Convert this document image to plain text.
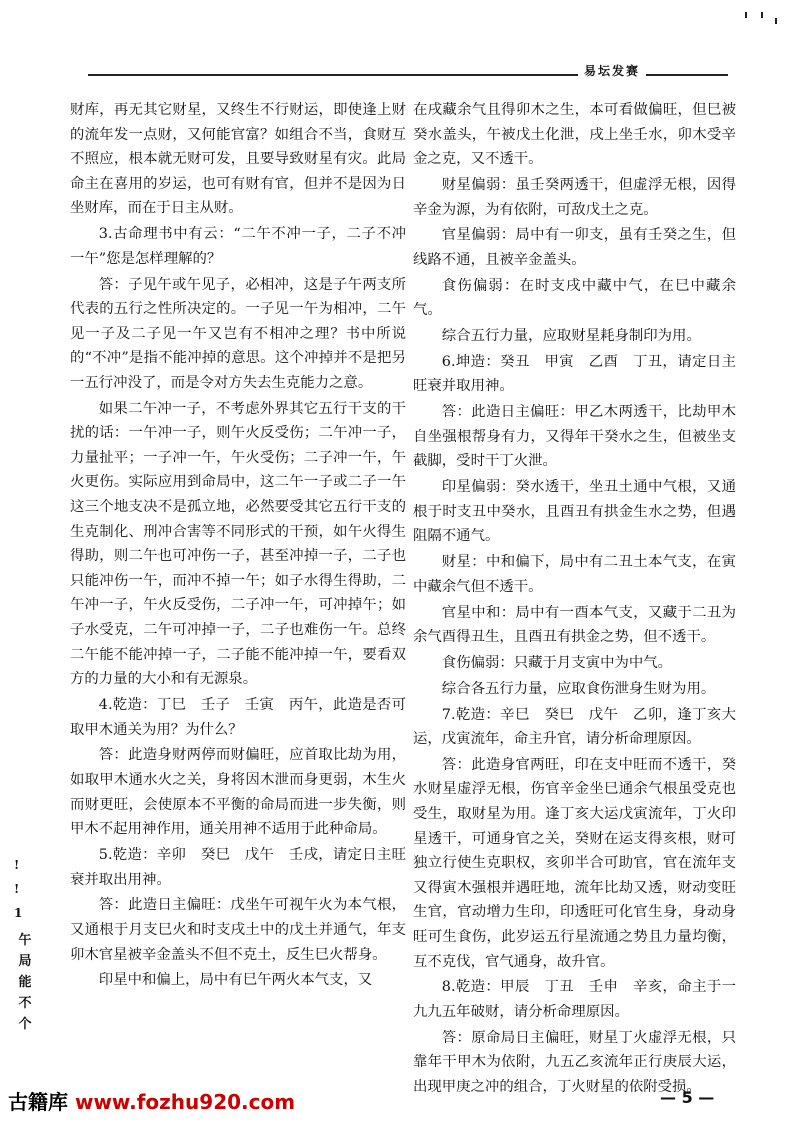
易坛发赛

财库，再无其它财星，又终生不行财运，即使逢上财的流年发一点财，又何能官富？如组合不当，食财互不照应，根本就无财可发，且要导致财星有灾。此局命主在喜用的岁运，也可有财有官，但并不是因为日坐财库，而在于日主从财。

3.古命理书中有云：“二午不冲一子，二子不冲一午”您是怎样理解的？

答：子见午或午见子，必相冲，这是子午两支所代表的五行之性所决定的。一子见一午为相冲，二午见一子及二子见一午又岂有不相冲之理？书中所说的“不冲”是指不能冲掉的意思。这个冲掉并不是把另一五行冲没了，而是令对方失去生克能力之意。

如果二午冲一子，不考虑外界其它五行干支的干扰的话：一午冲一子，则午火反受伤；二午冲一子，力量扯平；一子冲一午，午火受伤；二子冲一午，午火更伤。实际应用到命局中，这二午一子或二子一午这三个地支决不是孤立地，必然要受其它五行干支的生克制化、刑冲合害等不同形式的干预，如午火得生得助，则二午也可冲伤一子，甚至冲掉一子，二子也只能冲伤一午，而冲不掉一午；如子水得生得助，二午冲一子，午火反受伤，二子冲一午，可冲掉午；如子水受克，二午可冲掉一子，二子也难伤一午。总终二午能不能冲掉一子，二子能不能冲掉一午，要看双方的力量的大小和有无源泉。

4.乾造：丁巳　壬子　壬寅　丙午，此造是否可取甲木通关为用？为什么？

答：此造身财两停而财偏旺，应首取比劫为用，如取甲木通水火之关，身将因木泄而身更弱，木生火而财更旺，会使原本不平衡的命局而进一步失衡，则甲木不起用神作用，通关用神不适用于此种命局。

5.乾造：辛卯　癸巳　戊午　壬戌，请定日主旺衰并取出用神。

答：此造日主偏旺：戊坐午可视午火为本气根，又通根于月支巳火和时支戌土中的戊土并通气，年支卯木官星被辛金盖头不但不克土，反生巳火帮身。

印星中和偏上，局中有巳午两火本气支，又

在戌藏余气且得卯木之生，本可看做偏旺，但巳被癸水盖头，午被戊土化泄，戌上坐壬水，卯木受辛金之克，又不透干。

财星偏弱：虽壬癸两透干，但虚浮无根，因得辛金为源，为有依附，可敌戊土之克。

官星偏弱：局中有一卯支，虽有壬癸之生，但线路不通，且被辛金盖头。

食伤偏弱：在时支戌中藏中气，在巳中藏余气。

综合五行力量，应取财星耗身制印为用。

6.坤造：癸丑　甲寅　乙酉　丁丑，请定日主旺衰并取用神。

答：此造日主偏旺：甲乙木两透干，比劫甲木自坐强根帮身有力，又得年干癸水之生，但被坐支截脚，受时干丁火泄。

印星偏弱：癸水透干，坐丑土通中气根，又通根于时支丑中癸水，且酉丑有拱金生水之势，但遇阻隔不通气。

财星：中和偏下，局中有二丑土本气支，在寅中藏余气但不透干。

官星中和：局中有一酉本气支，又藏于二丑为余气酉得丑生，且酉丑有拱金之势，但不透干。

食伤偏弱：只藏于月支寅中为中气。

综合各五行力量，应取食伤泄身生财为用。

7.乾造：辛巳　癸巳　戊午　乙卯，逢丁亥大运，戊寅流年，命主升官，请分析命理原因。

答：此造身官两旺，印在支中旺而不透干，癸水财星虚浮无根，伤官辛金坐巳通余气根虽受克也受生，取财星为用。逢丁亥大运戊寅流年，丁火印星透干，可通身官之关，癸财在运支得亥根，财可独立行使生克职权，亥卯半合可助官，官在流年支又得寅木强根并遇旺地，流年比劫又透，财动变旺生官，官动增力生印，印透旺可化官生身，身动身旺可生食伤，此岁运五行星流通之势且力量均衡，互不克伐，官气通身，故升官。

8.乾造：甲辰　丁丑　壬申　辛亥，命主于一九九五年破财，请分析命理原因。

答：原命局日主偏旺，财星丁火虚浮无根，只靠年干甲木为依附，九五乙亥流年正行庚辰大运，出现甲庚之冲的组合，丁火财星的依附受损。

!
!
1
午
局
能
不
个
— 5 —
古籍库 www.fozhu920.com
